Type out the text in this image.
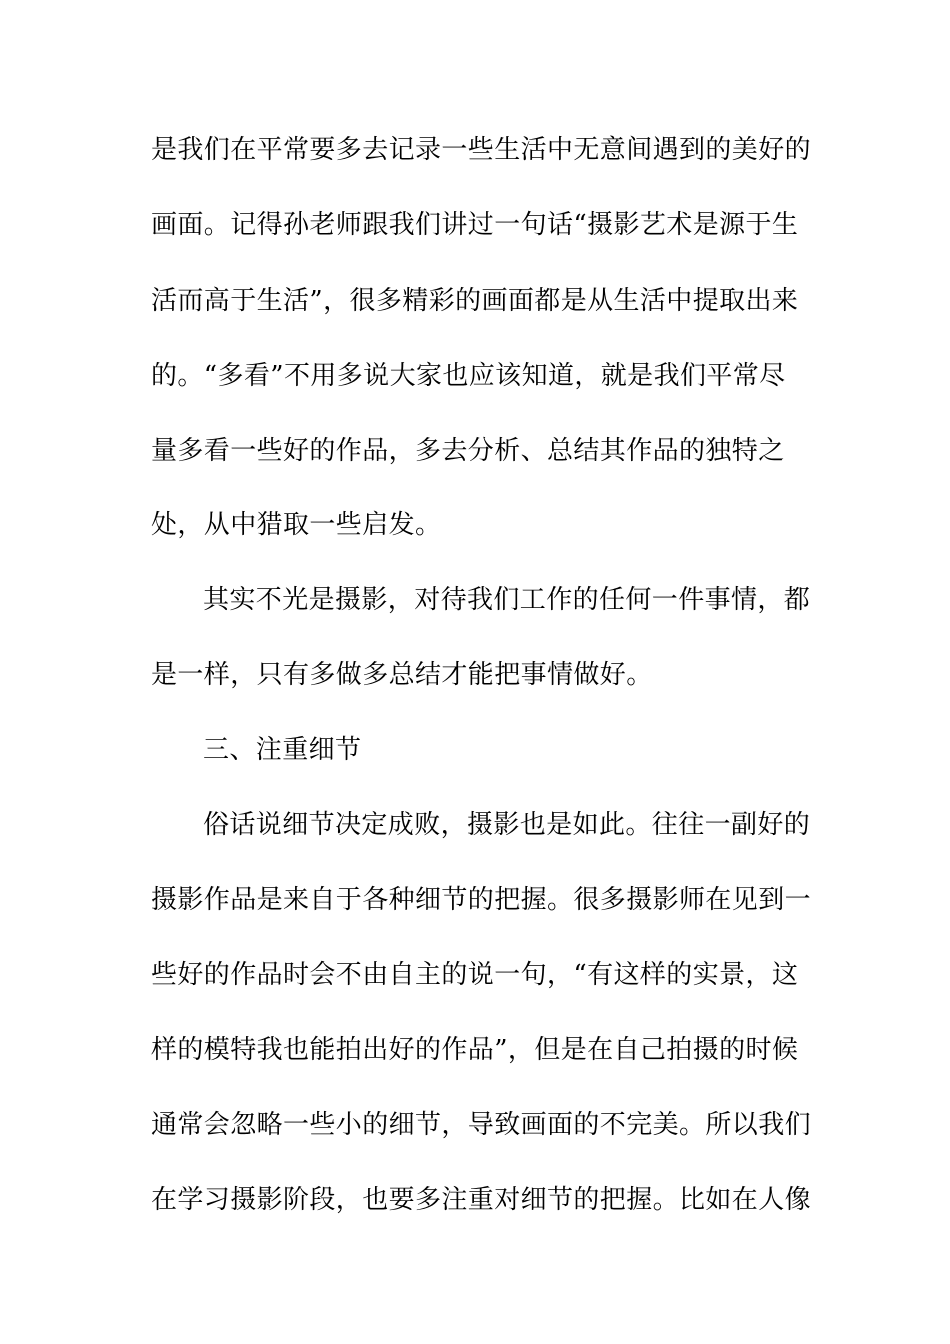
是我们在平常要多去记录一些生活中无意间遇到的美好的
画面。记得孙老师跟我们讲过一句话“摄影艺术是源于生
活而高于生活”，很多精彩的画面都是从生活中提取出来
的。“多看”不用多说大家也应该知道，就是我们平常尽
量多看一些好的作品，多去分析、总结其作品的独特之
处，从中猎取一些启发。
其实不光是摄影，对待我们工作的任何一件事情，都
是一样，只有多做多总结才能把事情做好。
三、注重细节
俗话说细节决定成败，摄影也是如此。往往一副好的
摄影作品是来自于各种细节的把握。很多摄影师在见到一
些好的作品时会不由自主的说一句，“有这样的实景，这
样的模特我也能拍出好的作品”，但是在自己拍摄的时候
通常会忽略一些小的细节，导致画面的不完美。所以我们
在学习摄影阶段，也要多注重对细节的把握。比如在人像
